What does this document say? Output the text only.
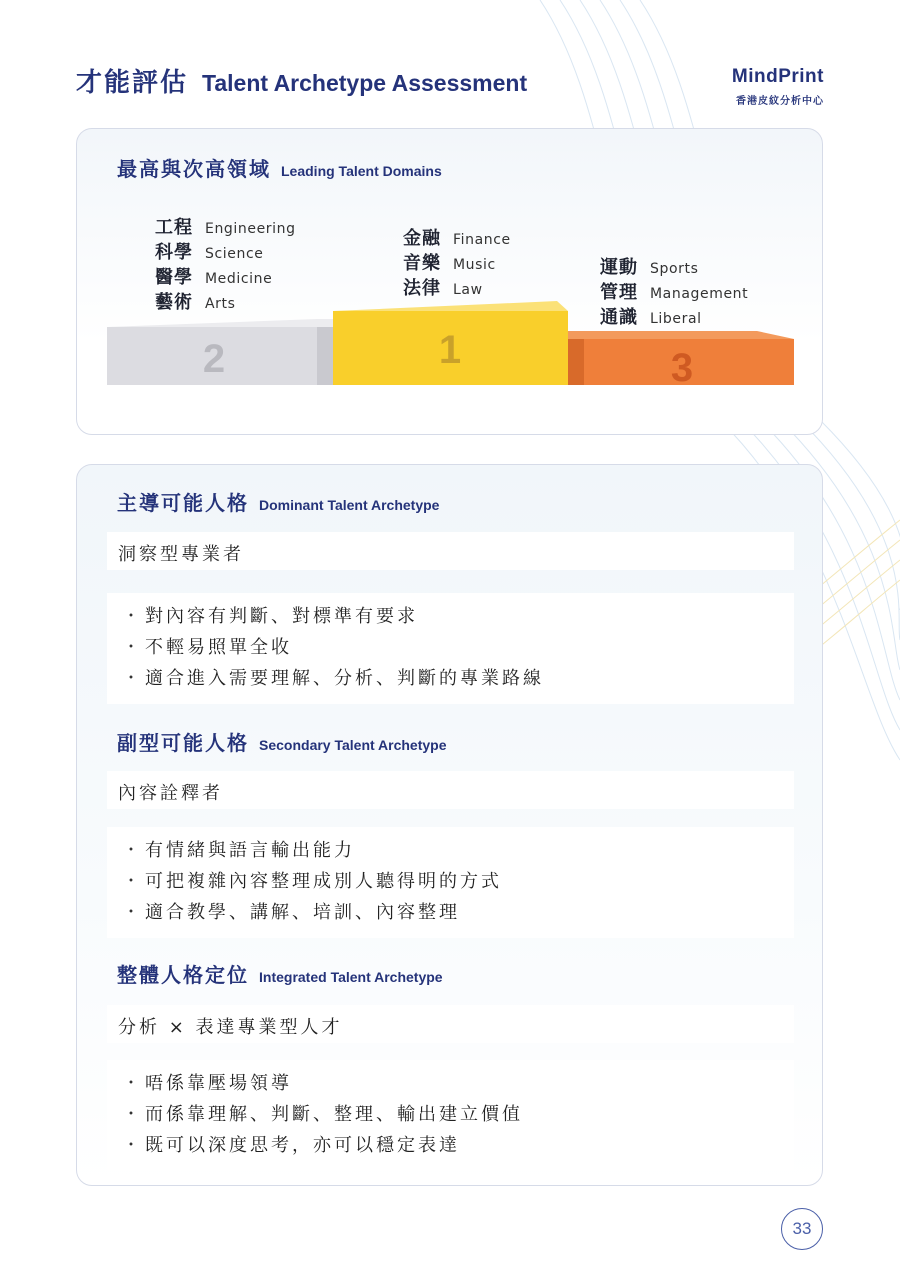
才能評估 Talent Archetype Assessment	MindPrint
香港皮紋分析中心
最高與次高領域 Leading Talent Domains
工程 Engineering
科學 Science
醫學 Medicine
藝術 Arts
金融 Finance
音樂 Music
法律 Law
運動 Sports
管理 Management
通識 Liberal
2	3
1
主導可能人格 Dominant Talent Archetype
洞察型專業者
・ 對內容有判斷、對標準有要求
・ 不輕易照單全收
・ 適合進入需要理解、分析、判斷的專業路線
副型可能人格 Secondary Talent Archetype
內容詮釋者
・ 有情緒與語言輸出能力
・ 可把複雜內容整理成別人聽得明的方式
・ 適合教學、講解、培訓、內容整理
整體人格定位 Integrated Talent Archetype
分析 × 表達專業型人才
・ 唔係靠壓場領導
・ 而係靠理解、判斷、整理、輸出建立價值
・ 既可以深度思考，亦可以穩定表達
33
